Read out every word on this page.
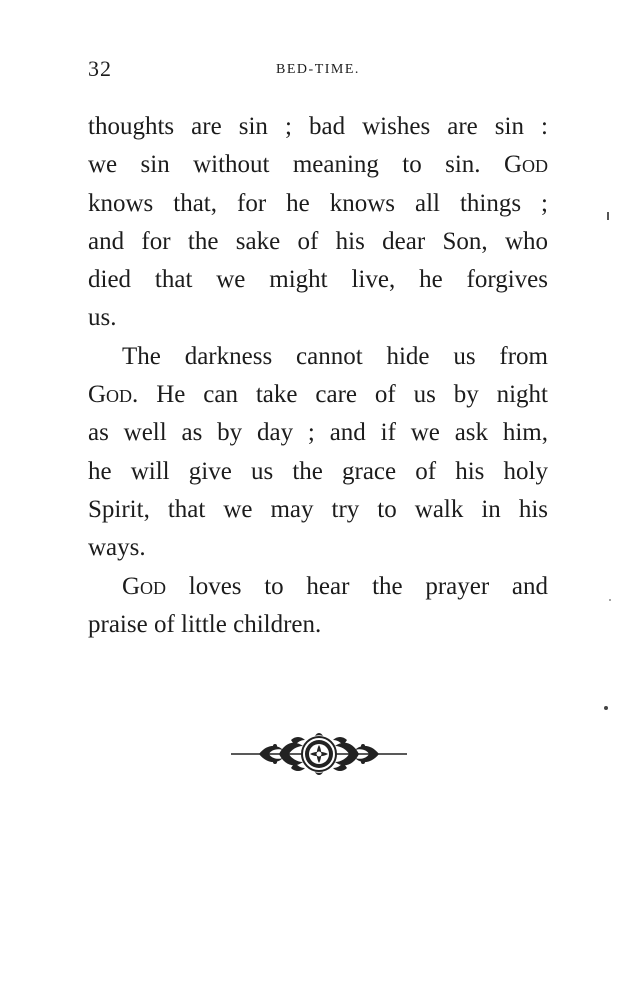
32	BED-TIME.
thoughts are sin ; bad wishes are sin :
we sin without meaning to sin. God
knows that, for he knows all things ;
and for the sake of his dear Son, who
died that we might live, he forgives
us.
The darkness cannot hide us from
God. He can take care of us by night
as well as by day ; and if we ask him,
he will give us the grace of his holy
Spirit, that we may try to walk in his
ways.
God loves to hear the prayer and
praise of little children.
